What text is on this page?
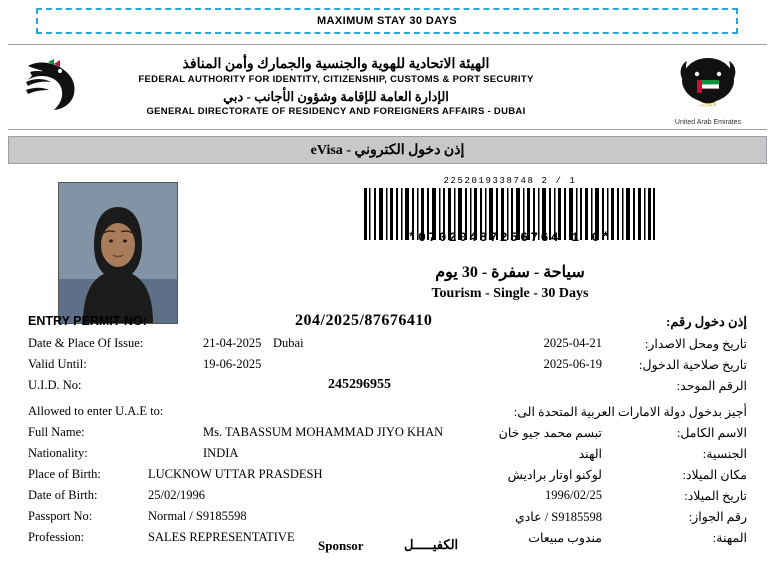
MAXIMUM STAY 30 DAYS
الهيئة الاتحادية للهوية والجنسية والجمارك وأمن المنافذ
FEDERAL AUTHORITY FOR IDENTITY, CITIZENSHIP, CUSTOMS & PORT SECURITY
الإدارة العامة للإقامة وشؤون الأجانب - دبي
GENERAL DIRECTORATE OF RESIDENCY AND FOREIGNERS AFFAIRS - DUBAI
الامارات
United Arab Emirates
إذن دخول الكتروني - eVisa
2252019338748 2 / 1
*07020487256764 1 0*
سياحة - سفرة - 30 يوم
Tourism - Single - 30 Days
ENTRY PERMIT NO:	204/2025/87676410	إذن دخول رقم:
Date & Place Of Issue:	21-04-2025 Dubai	2025-04-21	تاريخ ومحل الاصدار:
Valid Until:	19-06-2025	2025-06-19	تاريخ صلاحية الدخول:
U.I.D. No:	245296955	الرقم الموحد:
Allowed to enter U.A.E to:	أجيز بدخول دولة الامارات العربية المتحدة الى:
Full Name:	Ms. TABASSUM MOHAMMAD JIYO KHAN	تبسم محمد جيو خان	الاسم الكامل:
Nationality:	INDIA	الهند	الجنسية:
Place of Birth:	LUCKNOW UTTAR PRASDESH	لوكنو اوتار براديش	مكان الميلاد:
Date of Birth:	25/02/1996	1996/02/25	تاريخ الميلاد:
Passport No:	Normal / S9185598	S9185598 / عادي	رقم الجواز:
Profession:	SALES REPRESENTATIVE	مندوب مبيعات	المهنة:
Sponsor	الكفيـــــل
